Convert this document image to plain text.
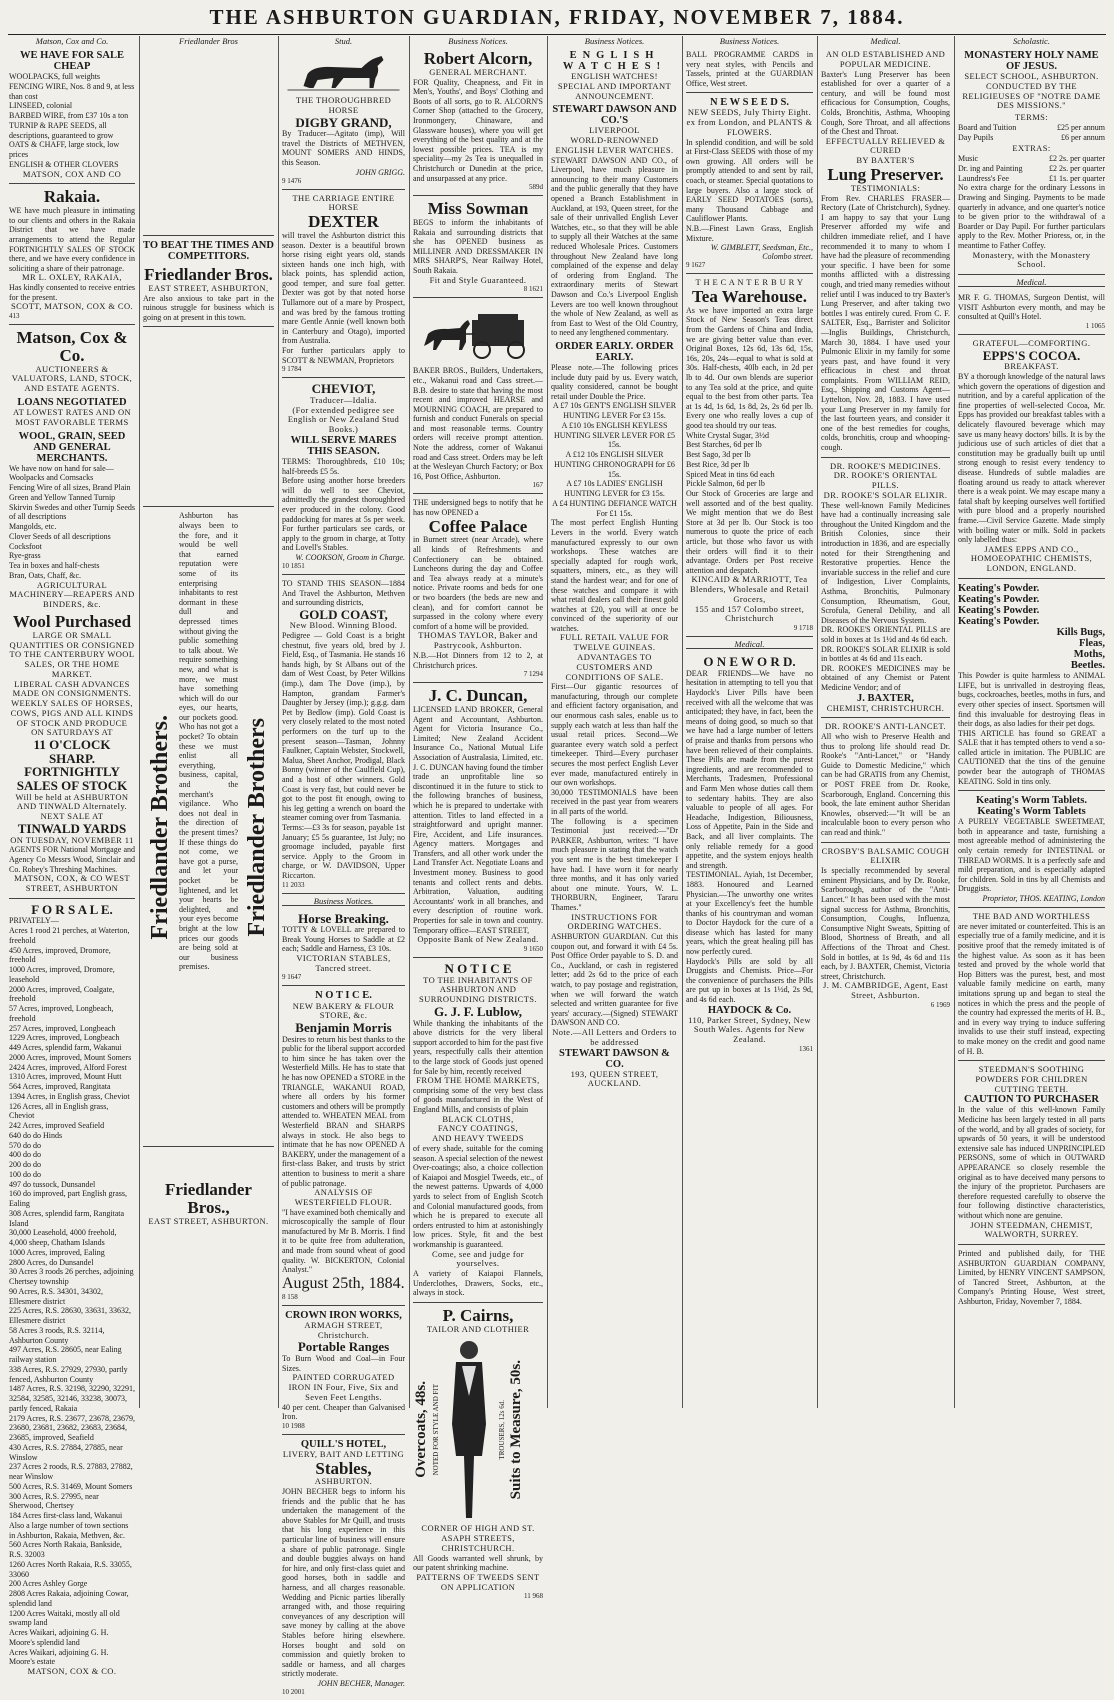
THE ASHBURTON GUARDIAN, FRIDAY, NOVEMBER 7, 1884.
Matson, Cox and Co.
WE HAVE FOR SALE CHEAP
WOOLPACKS, full weights
FENCING WIRE, Nos. 8 and 9, at less than cost
LINSEED, colonial
BARBED WIRE, from £37 10s a ton
TURNIP & RAPE SEEDS, all descriptions, guaranteed to grow
OATS & CHAFF, large stock, low prices
ENGLISH & OTHER CLOVERS
MATSON, COX AND CO
Rakaia.

WE have much pleasure in intimating to our clients and others in the Rakaia District that we have made arrangements to attend the Regular FORTNIGHTLY SALES OF STOCK there, and we have every confidence in soliciting a share of their patronage.

MR L. OXLEY, RAKAIA,

Has kindly consented to receive entries for the present.

SCOTT, MATSON, COX & CO.
413
Matson, Cox & Co.
AUCTIONEERS & VALUATORS, LAND, STOCK, AND ESTATE AGENTS.
LOANS NEGOTIATED
AT LOWEST RATES AND ON MOST FAVORABLE TERMS
WOOL, GRAIN, SEED AND GENERAL MERCHANTS.
We have now on hand for sale—
Woolpacks and Cornsacks
Fencing Wire of all sizes, Brand Plain
Green and Yellow Tanned Turnip Skirvin Swedes and other Turnip Seeds of all descriptions
Mangolds, etc.
Clover Seeds of all descriptions
Cocksfoot
Rye-grass
Tea in boxes and half-chests
Bran, Oats, Chaff, &c.
AGRICULTURAL MACHINERY—REAPERS AND BINDERS, &c.
Wool Purchased
LARGE OR SMALL QUANTITIES OR CONSIGNED TO THE CANTERBURY WOOL SALES, OR THE HOME MARKET.
LIBERAL CASH ADVANCES MADE ON CONSIGNMENTS.
WEEKLY SALES OF HORSES, COWS, PIGS AND ALL KINDS OF STOCK AND PRODUCE ON SATURDAYS AT
11 O'CLOCK SHARP.
FORTNIGHTLY SALES OF STOCK
Will be held at ASHBURTON AND TINWALD Alternately.
NEXT SALE AT
TINWALD YARDS
ON TUESDAY, NOVEMBER 11

AGENTS FOR National Mortgage and Agency Co Messrs Wood, Sinclair and Co. Robey's Threshing Machines.

MATSON, COX, & CO WEST STREET, ASHBURTON
F O R S A L E.
PRIVATELY—
Acres 1 rood 21 perches, at Waterton, freehold
450 Acres, improved, Dromore, freehold
1000 Acres, improved, Dromore, leasehold
2000 Acres, improved, Coalgate, freehold
57 Acres, improved, Longbeach, freehold
257 Acres, improved, Longbeach
1229 Acres, improved, Longbeach
449 Acres, splendid farm, Wakanui
2000 Acres, improved, Mount Somers
2424 Acres, improved, Alford Forest
1310 Acres, improved, Mount Hutt
564 Acres, improved, Rangitata
1394 Acres, in English grass, Cheviot
126 Acres, all in English grass, Cheviot
242 Acres, improved Seafield
640 do do Hinds
570 do do
400 do do
200 do do
100 do do
497 do tussock, Dunsandel
160 do improved, part English grass, Ealing
308 Acres, splendid farm, Rangitata Island
30,000 Leasehold, 4000 freehold, 4,000 sheep, Chatham Islands
1000 Acres, improved, Ealing
2800 Acres, do Dunsandel
30 Acres 3 roods 26 perches, adjoining Chertsey township
90 Acres, R.S. 34301, 34302, Ellesmere district
225 Acres, R.S. 28630, 33631, 33632, Ellesmere district
58 Acres 3 roods, R.S. 32114, Ashburton County
497 Acres, R.S. 28605, near Ealing railway station
338 Acres, R.S. 27929, 27930, partly fenced, Ashburton County
1487 Acres, R.S. 32198, 32290, 32291, 32584, 32585, 32146, 33238, 30073, partly fenced, Rakaia
2179 Acres, R.S. 23677, 23678, 23679, 23680, 23681, 23682, 23683, 23684, 23685, improved, Seafield
430 Acres, R.S. 27884, 27885, near Winslow
237 Acres 2 roods, R.S. 27883, 27882, near Winslow
500 Acres, R.S. 31469, Mount Somers
300 Acres, R.S. 27995, near Sherwood, Chertsey
184 Acres first-class land, Wakanui
Also a large number of town sections in Ashburton, Rakaia, Methven, &c.
560 Acres North Rakaia, Bankside, R.S. 32003
1260 Acres North Rakaia, R.S. 33055, 33060
200 Acres Ashley Gorge
2808 Acres Rakaia, adjoining Cowar, splendid land
1200 Acres Waitaki, mostly all old swamp land
Acres Waikari, adjoining G. H. Moore's splendid land
Acres Waikari, adjoining G. H. Moore's estate
MATSON, COX & CO.
Friedlander Bros
TO BEAT THE TIMES AND COMPETITORS.
Friedlander Bros.
EAST STREET, ASHBURTON,

Are also anxious to take part in the ruinous struggle for business which is going on at present in this town.

Friedlander Brothers.

Ashburton has always been to the fore, and it would be well that earned reputation were some of its enterprising inhabitants to rest dormant in these dull and depressed times without giving the public something to talk about. We require something new, and what is more, we must have something which will do our eyes, our hearts, our pockets good. Who has not got a pocket? To obtain these we must enlist all everything, business, capital, and the merchant's vigilance. Who does not deal in the direction of the present times? If these things do not come, we have got a purse, and let your pocket be lightened, and let your hearts be delighted, and your eyes become bright at the low prices our goods are being sold at our business premises.

Friedlander Brothers
Friedlander Bros.,
EAST STREET, ASHBURTON.
Stud.
THE THOROUGHBRED HORSE
DIGBY GRAND,

By Traducer—Agitato (imp), Will travel the Districts of METHVEN, MOUNT SOMERS AND HINDS, this Season.

JOHN GRIGG.
9 1476
THE CARRIAGE ENTIRE HORSE
DEXTER

will travel the Ashburton district this season. Dexter is a beautiful brown horse rising eight years old, stands sixteen hands one inch high, with black points, has splendid action, good temper, and sure foal getter. Dexter was got by that noted horse Tullamore out of a mare by Prospect, and was bred by the famous trotting mare Gentle Annie (well known both in Canterbury and Otago), imported from Australia.

For further particulars apply to SCOTT & NEWMAN, Proprietors

9 1784
CHEVIOT,
Traducer—Idalia.
(For extended pedigree see English or New Zealand Stud Books.)
WILL SERVE MARES THIS SEASON.

TERMS: Thoroughbreds, £10 10s; half-breeds £5 5s.

Before using another horse breeders will do well to see Cheviot, admittedly the grandest thoroughbred ever produced in the colony. Good paddocking for mares at 5s per week. For further particulars see cards, or apply to the groom in charge, at Totty and Lovell's Stables.

W. COOKSON, Groom in Charge.
10 1851

TO STAND THIS SEASON—1884 And Travel the Ashburton, Methven and surrounding districts,

GOLD COAST,
New Blood. Winning Blood.

Pedigree — Gold Coast is a bright chestnut, five years old, bred by J. Field, Esq., of Tasmania. He stands 16 hands high, by St Albans out of the dam of West Coast, by Peter Wilkins (imp.), dam The Dove (imp.), by Hampton, grandam Farmer's Daughter by Jersey (imp.); g.g.g. dam Pet by Bedlow (imp). Gold Coast is very closely related to the most noted performers on the turf up to the present season—Tasman, Johnny Faulkner, Captain Webster, Stockwell, Malua, Sheet Anchor, Prodigal, Black Bonny (winner of the Caulfield Cup), and a host of other winners. Gold Coast is very fast, but could never be got to the post fit enough, owing to his leg getting a wrench on board the steamer coming over from Tasmania.

Terms:—£3 3s for season, payable 1st January; £5 5s guarantee, 1st July; no groomage included, payable first service. Apply to the Groom in charge, or W. DAVIDSON, Upper Riccarton.

11 2033
Business Notices.
Horse Breaking.

TOTTY & LOVELL are prepared to Break Young Horses to Saddle at £2 each; Saddle and Harness, £3 10s.

VICTORIAN STABLES, Tancred street.
9 1647
N O T I C E.
NEW BAKERY & FLOUR STORE, &c.
Benjamin Morris

Desires to return his best thanks to the public for the liberal support accorded to him since he has taken over the Westerfield Mills. He has to state that he has now OPENED a STORE in the TRIANGLE, WAKANUI ROAD, where all orders by his former customers and others will be promptly attended to. WHEATEN MEAL from Westerfield BRAN and SHARPS always in stock. He also begs to intimate that he has now OPENED A BAKERY, under the management of a first-class Baker, and trusts by strict attention to business to merit a share of public patronage.

ANALYSIS OF WESTERFIELD FLOUR.

"I have examined both chemically and microscopically the sample of flour manufactured by Mr B. Morris. I find it to be quite free from adulteration, and made from sound wheat of good quality. W. BICKERTON, Colonial Analyst."

August 25th, 1884.
8 158
CROWN IRON WORKS,
ARMAGH STREET, Christchurch.
Portable Ranges

To Burn Wood and Coal—in Four Sizes.

PAINTED CORRUGATED IRON IN Four, Five, Six and Seven Feet Lengths.

40 per cent. Cheaper than Galvanised Iron.

10 1988
QUILL'S HOTEL,
LIVERY, BAIT AND LETTING
Stables,
ASHBURTON.

JOHN BECHER begs to inform his friends and the public that he has undertaken the management of the above Stables for Mr Quill, and trusts that his long experience in this particular line of business will ensure a share of public patronage. Single and double buggies always on hand for hire, and only first-class quiet and good horses, both in saddle and harness, and all charges reasonable. Wedding and Picnic parties liberally arranged with, and those requiring conveyances of any description will save money by calling at the above Stables before hiring elsewhere. Horses bought and sold on commission and quietly broken to saddle or harness, and all charges strictly moderate.

JOHN BECHER, Manager.
10 2001
Business Notices.
Robert Alcorn,
GENERAL MERCHANT.

FOR Quality, Cheapness, and Fit in Men's, Youths', and Boys' Clothing and Boots of all sorts, go to R. ALCORN'S Corner Shop (attached to the Grocery, Ironmongery, Chinaware, and Glassware houses), where you will get everything of the best quality and at the lowest possible prices. TEA is my speciality—my 2s Tea is unequalled in Christchurch or Dunedin at the price, and unsurpassed at any price.

589d
Miss Sowman

BEGS to inform the inhabitants of Rakaia and surrounding districts that she has OPENED business as MILLINER AND DRESSMAKER IN MRS SHARP'S, Near Railway Hotel, South Rakaia.

Fit and Style Guaranteed.
8 1621

BAKER BROS., Builders, Undertakers, etc., Wakanui road and Cass street.—B.B. desire to state that having the most recent and improved HEARSE and MOURNING COACH, are prepared to furnish and conduct Funerals on special and most reasonable terms. Country orders will receive prompt attention. Note the address, corner of Wakanui road and Cass street. Orders may be left at the Wesleyan Church Factory; or Box 16, Post Office, Ashburton.

167

THE undersigned begs to notify that he has now OPENED a

Coffee Palace

in Burnett street (near Arcade), where all kinds of Refreshments and Confectionery can be obtained. Luncheons during the day and Coffee and Tea always ready at a minute's notice. Private rooms and beds for one or two boarders (the beds are new and clean), and for comfort cannot be surpassed in the colony where every comfort of a home will be provided.

THOMAS TAYLOR, Baker and Pastrycook, Ashburton.

N.B.—Hot Dinners from 12 to 2, at Christchurch prices.

7 1294
J. C. Duncan,

LICENSED LAND BROKER, General Agent and Accountant, Ashburton. Agent for Victoria Insurance Co., Limited; New Zealand Accident Insurance Co., National Mutual Life Association of Australasia, Limited, etc. J. C. DUNCAN having found the timber trade an unprofitable line so discontinued it in the future to stick to the following branches of business, which he is prepared to undertake with attention. Titles to land effected in a straightforward and upright manner. Fire, Accident, and Life insurances. Agency matters. Mortgages and Transfers, and all other work under the Land Transfer Act. Negotiate Loans and Investment money. Business to good tenants and collect rents and debts. Arbitration, Valuation, auditing Accountants' work in all branches, and every description of routine work. Properties for sale in town and country. Temporary office—EAST STREET,

Opposite Bank of New Zealand.
9 1650
N O T I C E
TO THE INHABITANTS OF ASHBURTON AND SURROUNDING DISTRICTS.
G. J. F. Lublow,

While thanking the inhabitants of the above districts for the very liberal support accorded to him for the past five years, respectfully calls their attention to the large stock of Goods just opened for Sale by him, recently received

FROM THE HOME MARKETS,

comprising some of the very best class of goods manufactured in the West of England Mills, and consists of plain

BLACK CLOTHS,
FANCY COATINGS,
AND HEAVY TWEEDS

of every shade, suitable for the coming season. A special selection of the newest Over-coatings; also, a choice collection of Kaiapoi and Mosgiel Tweeds, etc., of the newest patterns. Upwards of 4,000 yards to select from of English Scotch and Colonial manufactured goods, from which he is prepared to execute all orders entrusted to him at astonishingly low prices. Style, fit and the best workmanship is guaranteed.

Come, see and judge for yourselves.

A variety of Kaiapoi Flannels, Underclothes, Drawers, Socks, etc., always in stock.

P. Cairns,
TAILOR AND CLOTHIER
Overcoats, 48s. NOTED FOR STYLE AND FIT	TROUSERS, 12s 6d. Suits to Measure, 50s.
CORNER OF HIGH AND ST. ASAPH STREETS, CHRISTCHURCH.

All Goods warranted well shrunk, by our patent shrinking machine.

PATTERNS OF TWEEDS SENT ON APPLICATION
11 968
Business Notices.
ENGLISH WATCHES!
ENGLISH WATCHES!
SPECIAL AND IMPORTANT ANNOUNCEMENT.
STEWART DAWSON AND CO.'S
LIVERPOOL
WORLD-RENOWNED ENGLISH LEVER WATCHES.

STEWART DAWSON AND CO., of Liverpool, have much pleasure in announcing to their many Customers and the public generally that they have opened a Branch Establishment in Auckland, at 193, Queen street, for the sale of their unrivalled English Lever Watches, etc., so that they will be able to supply all their Watches at the same reduced Wholesale Prices. Customers throughout New Zealand have long complained of the expense and delay of ordering from England. The extraordinary merits of Stewart Dawson and Co.'s Liverpool English Levers are too well known throughout the whole of New Zealand, as well as from East to West of the Old Country, to need any lengthened commentary.

ORDER EARLY. ORDER EARLY.

Please note.—The following prices include duty paid by us. Every watch, quality considered, cannot be bought retail under Double the Price.

A £7 10s GENT'S ENGLISH SILVER HUNTING LEVER For £3 15s.
A £10 10s ENGLISH KEYLESS HUNTING SILVER LEVER FOR £5 15s.
A £12 10s ENGLISH SILVER HUNTING CHRONOGRAPH for £6 15s.
A £7 10s LADIES' ENGLISH HUNTING LEVER for £3 15s.
A £4 HUNTING DEFIANCE WATCH For £1 15s.

The most perfect English Hunting Levers in the world. Every watch manufactured expressly to our own workshops. These watches are specially adapted for rough work, squatters, miners, etc., as they will stand the hardest wear; and for one of these watches and compare it with what retail dealers call their finest gold watches at £20, you will at once be convinced of the superiority of our watches.

FULL RETAIL VALUE FOR TWELVE GUINEAS.
ADVANTAGES TO CUSTOMERS AND CONDITIONS OF SALE.

First—Our gigantic resources of manufacturing, through our complete and efficient factory organisation, and our enormous cash sales, enable us to supply each watch at less than half the usual retail prices. Second—We guarantee every watch sold a perfect timekeeper. Third—Every purchaser secures the most perfect English Lever ever made, manufactured entirely in our own workshops.

30,000 TESTIMONIALS have been received in the past year from wearers in all parts of the world.

The following is a specimen Testimonial just received:—"Dr PARKER, Ashburton, writes: "I have much pleasure in stating that the watch you sent me is the best timekeeper I have had. I have worn it for nearly three months, and it has only varied about one minute. Yours, W. L. THORBURN, Engineer, Tararu Thames."

INSTRUCTIONS FOR ORDERING WATCHES.

ASHBURTON GUARDIAN. Cut this coupon out, and forward it with £4 5s. Post Office Order payable to S. D. and Co., Auckland, or cash in registered letter; add 2s 6d to the price of each watch, to pay postage and registration, when we will forward the watch selected and written guarantee for five years' accuracy.—(Signed) STEWART DAWSON AND CO.

Note.—All Letters and Orders to be addressed
STEWART DAWSON & CO.
193, QUEEN STREET, AUCKLAND.
Business Notices.

BALL PROGRAMME CARDS in very neat styles, with Pencils and Tassels, printed at the GUARDIAN Office, West street.

N E W S E E D S.
NEW SEEDS, July Thirty Eight. ex from London, and PLANTS & FLOWERS.

In splendid condition, and will be sold at First-Class SEEDS with those of my own growing. All orders will be promptly attended to and sent by rail, coach, or steamer. Special quotations to large buyers. Also a large stock of EARLY SEED POTATOES (sorts), many Thousand Cabbage and Cauliflower Plants.

N.B.—Finest Lawn Grass, English Mixture.

W. GIMBLETT, Seedsman, Etc., Colombo street.
9 1627
T H E C A N T E R B U R Y
Tea Warehouse.

As we have imported an extra large Stock of New Season's Teas direct from the Gardens of China and India, we are giving better value than ever. Original Boxes, 12s 6d, 13s 6d, 15s, 16s, 20s, 24s—equal to what is sold at 30s. Half-chests, 40lb each, in 2d per lb to 4d. Our own blends are superior to any Tea sold at the price, and quite equal to the best from other parts. Tea at 1s 4d, 1s 6d, 1s 8d, 2s, 2s 6d per lb. Every one who really loves a cup of good tea should try our teas.

White Crystal Sugar, 3½d
Best Starches, 6d per lb
Best Sago, 3d per lb
Best Rice, 3d per lb
Spiced Meat in tins 6d each
Pickle Salmon, 6d per lb

Our Stock of Groceries are large and well assorted and of the best quality. We might mention that we do Best Store at 3d per lb. Our Stock is too numerous to quote the price of each article, but those who favor us with their orders will find it to their advantage. Orders per Post receive attention and despatch.

KINCAID & MARRIOTT, Tea Blenders, Wholesale and Retail Grocers,
155 and 157 Colombo street, Christchurch
9 1718
Medical.
O N E W O R D.

DEAR FRIENDS—We have no hesitation in attempting to tell you that Haydock's Liver Pills have been received with all the welcome that was anticipated; they have, in fact, been the means of doing good, so much so that we have had a large number of letters of praise and thanks from persons who have been relieved of their complaints. These Pills are made from the purest ingredients, and are recommended to Merchants, Tradesmen, Professional and Farm Men whose duties call them to sedentary habits. They are also valuable to people of all ages. For Headache, Indigestion, Biliousness, Loss of Appetite, Pain in the Side and Back, and all liver complaints. The only reliable remedy for a good appetite, and the system enjoys health and strength.

TESTIMONIAL. Ayiah, 1st December, 1883. Honoured and Learned Physician.—The unworthy one writes at your Excellency's feet the humble thanks of his countryman and woman to Doctor Haydock for the cure of a disease which has lasted for many years, which the great healing pill has now perfectly cured.

Haydock's Pills are sold by all Druggists and Chemists. Price—For the convenience of purchasers the Pills are put up in boxes at 1s 1½d, 2s 9d, and 4s 6d each.

HAYDOCK & Co.
110, Parker Street, Sydney, New South Wales. Agents for New Zealand.
1361
Medical.
AN OLD ESTABLISHED AND POPULAR MEDICINE.

Baxter's Lung Preserver has been established for over a quarter of a century, and will be found most efficacious for Consumption, Coughs, Colds, Bronchitis, Asthma, Whooping Cough, Sore Throat, and all affections of the Chest and Throat.

EFFECTUALLY RELIEVED & CURED
BY BAXTER'S
Lung Preserver.
TESTIMONIALS:

From Rev. CHARLES FRASER—Rectory (Late of Christchurch), Sydney. I am happy to say that your Lung Preserver afforded my wife and children immediate relief, and I have recommended it to many to whom I have had the pleasure of recommending your specific. I have been for some months afflicted with a distressing cough, and tried many remedies without relief until I was induced to try Baxter's Lung Preserver, and after taking two bottles I was entirely cured. From C. F. SALTER, Esq., Barrister and Solicitor—Inglis Buildings, Christchurch, March 30, 1884. I have used your Pulmonic Elixir in my family for some years past, and have found it very efficacious in chest and throat complaints. From WILLIAM REID, Esq., Shipping and Customs Agent—Lyttelton, Nov. 28, 1883. I have used your Lung Preserver in my family for the last fourteen years, and consider it one of the best remedies for coughs, colds, bronchitis, croup and whooping-cough.

DR. ROOKE'S MEDICINES.
DR. ROOKE'S ORIENTAL PILLS.
DR. ROOKE'S SOLAR ELIXIR.

These well-known Family Medicines have had a continually increasing sale throughout the United Kingdom and the British Colonies, since their introduction in 1836, and are especially noted for their Strengthening and Restorative properties. Hence the invariable success in the relief and cure of Indigestion, Liver Complaints, Asthma, Bronchitis, Pulmonary Consumption, Rheumatism, Gout, Scrofula, General Debility, and all Diseases of the Nervous System.

DR. ROOKE'S ORIENTAL PILLS are sold in boxes at 1s 1½d and 4s 6d each.

DR. ROOKE'S SOLAR ELIXIR is sold in bottles at 4s 6d and 11s each.

DR. ROOKE'S MEDICINES may be obtained of any Chemist or Patent Medicine Vendor; and of

J. BAXTER,
CHEMIST, CHRISTCHURCH.
DR. ROOKE'S ANTI-LANCET.

All who wish to Preserve Health and thus to prolong life should read Dr. Rooke's "Anti-Lancet," or "Handy Guide to Domestic Medicine," which can be had GRATIS from any Chemist, or POST FREE from Dr. Rooke, Scarborough, England. Concerning this book, the late eminent author Sheridan Knowles, observed:—"It will be an incalculable boon to every person who can read and think."

CROSBY'S BALSAMIC COUGH ELIXIR

Is specially recommended by several eminent Physicians, and by Dr. Rooke, Scarborough, author of the "Anti-Lancet." It has been used with the most signal success for Asthma, Bronchitis, Consumption, Coughs, Influenza, Consumptive Night Sweats, Spitting of Blood, Shortness of Breath, and all Affections of the Throat and Chest. Sold in bottles, at 1s 9d, 4s 6d and 11s each, by J. BAXTER, Chemist, Victoria street, Christchurch.

J. M. CAMBRIDGE, Agent, East Street, Ashburton.
6 1969
Scholastic.
MONASTERY HOLY NAME OF JESUS.
SELECT SCHOOL, ASHBURTON.
CONDUCTED BY THE RELIGIEUSES OF "NOTRE DAME DES MISSIONS."
TERMS:
Board and Tuition	£25 per annum
Day Pupils	£6 per annum
EXTRAS:
Music	£2 2s. per quarter
Dr. ing and Painting	£2 2s. per quarter
Laundress's Fee	£1 1s. per quarter

No extra charge for the ordinary Lessons in Drawing and Singing. Payments to be made quarterly in advance, and one quarter's notice to be given prior to the withdrawal of a Boarder or Day Pupil. For further particulars apply to the Rev. Mother Prioress, or, in the meantime to Father Coffey.

Monastery, with the Monastery School.
Medical.

MR F. G. THOMAS, Surgeon Dentist, will VISIT Ashburton every month, and may be consulted at Quill's Hotel.

1 1065
GRATEFUL—COMFORTING.
EPPS'S COCOA.
BREAKFAST.

BY a thorough knowledge of the natural laws which govern the operations of digestion and nutrition, and by a careful application of the fine properties of well-selected Cocoa, Mr. Epps has provided our breakfast tables with a delicately flavoured beverage which may save us many heavy doctors' bills. It is by the judicious use of such articles of diet that a constitution may be gradually built up until strong enough to resist every tendency to disease. Hundreds of subtle maladies are floating around us ready to attack wherever there is a weak point. We may escape many a fatal shaft by keeping ourselves well fortified with pure blood and a properly nourished frame.—Civil Service Gazette. Made simply with boiling water or milk. Sold in packets only labelled thus:

JAMES EPPS AND CO., HOMOEOPATHIC CHEMISTS, LONDON, ENGLAND.
Keating's Powder.
Keating's Powder.
Keating's Powder.
Keating's Powder.
Kills Bugs,
Fleas,
Moths,
Beetles.

This Powder is quite harmless to ANIMAL LIFE, but is unrivalled in destroying fleas, bugs, cockroaches, beetles, moths in furs, and every other species of insect. Sportsmen will find this invaluable for destroying fleas in their dogs, as also ladies for their pet dogs.

THIS ARTICLE has found so GREAT a SALE that it has tempted others to vend a so-called article in imitation. The PUBLIC are CAUTIONED that the tins of the genuine powder bear the autograph of THOMAS KEATING. Sold in tins only.

Keating's Worm Tablets.
Keating's Worm Tablets

A PURELY VEGETABLE SWEETMEAT, both in appearance and taste, furnishing a most agreeable method of administering the only certain remedy for INTESTINAL or THREAD WORMS. It is a perfectly safe and mild preparation, and is especially adapted for children. Sold in tins by all Chemists and Druggists.

Proprietor, THOS. KEATING, London
THE BAD AND WORTHLESS

are never imitated or counterfeited. This is an especially true of a family medicine, and it is positive proof that the remedy imitated is of the highest value. As soon as it has been tested and proved by the whole world that Hop Bitters was the purest, best, and most valuable family medicine on earth, many imitations sprung up and began to steal the notices in which the press and the people of the country had expressed the merits of H. B., and in every way trying to induce suffering invalids to use their stuff instead, expecting to make money on the credit and good name of H. B.

STEEDMAN'S SOOTHING POWDERS FOR CHILDREN CUTTING TEETH.
CAUTION TO PURCHASER

In the value of this well-known Family Medicine has been largely tested in all parts of the world, and by all grades of society, for upwards of 50 years, it will be understood extensive sale has induced UNPRINCIPLED PERSONS, some of which in OUTWARD APPEARANCE so closely resemble the original as to have deceived many persons to the injury of the proprietor. Purchasers are therefore requested carefully to observe the four following distinctive characteristics, without which none are genuine.

JOHN STEEDMAN, CHEMIST, WALWORTH, SURREY.

Printed and published daily, for THE ASHBURTON GUARDIAN COMPANY, Limited, by HENRY VINCENT SAMPSON, of Tancred Street, Ashburton, at the Company's Printing House, West street, Ashburton, Friday, November 7, 1884.
